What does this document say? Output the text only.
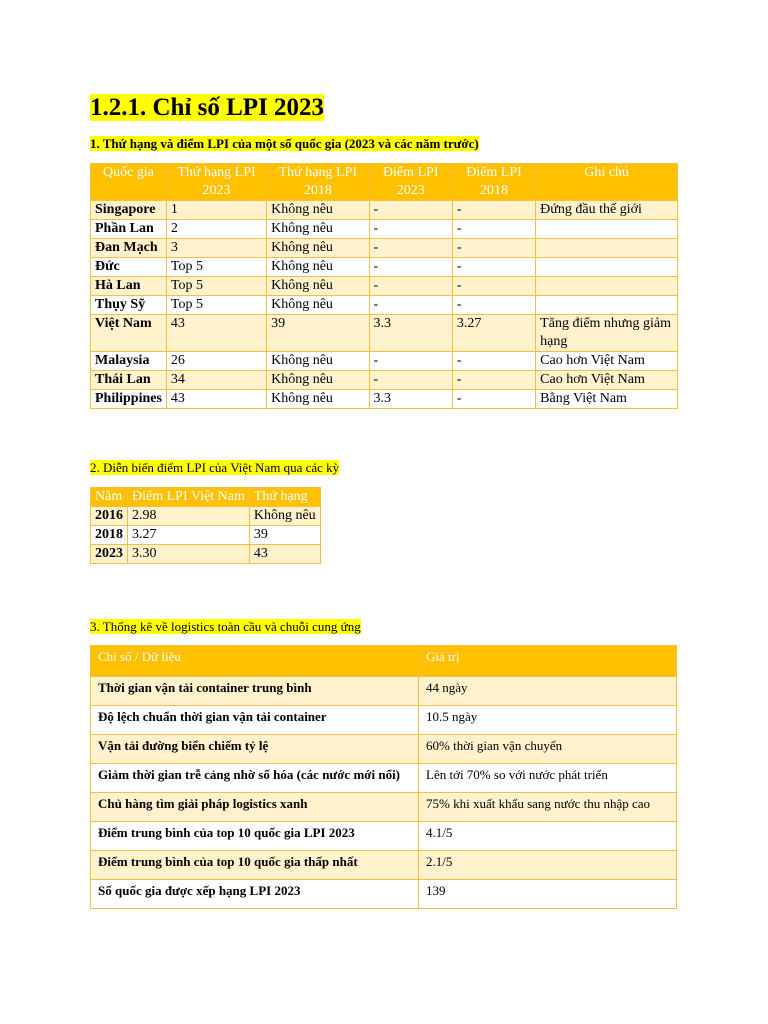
1.2.1. Chỉ số LPI 2023

1. Thứ hạng và điểm LPI của một số quốc gia (2023 và các năm trước)

Quốc gia	Thứ hạng LPI 2023	Thứ hạng LPI 2018	Điểm LPI 2023	Điểm LPI 2018	Ghi chú
Singapore	1	Không nêu	-	-	Đứng đầu thế giới
Phần Lan	2	Không nêu	-	-	
Đan Mạch	3	Không nêu	-	-	
Đức	Top 5	Không nêu	-	-	
Hà Lan	Top 5	Không nêu	-	-	
Thụy Sỹ	Top 5	Không nêu	-	-	
Việt Nam	43	39	3.3	3.27	Tăng điểm nhưng giảm hạng
Malaysia	26	Không nêu	-	-	Cao hơn Việt Nam
Thái Lan	34	Không nêu	-	-	Cao hơn Việt Nam
Philippines	43	Không nêu	3.3	-	Bằng Việt Nam

2. Diễn biến điểm LPI của Việt Nam qua các kỳ

Năm	Điểm LPI Việt Nam	Thứ hạng
2016	2.98	Không nêu
2018	3.27	39
2023	3.30	43

3. Thống kê về logistics toàn cầu và chuỗi cung ứng

Chỉ số / Dữ liệu	Giá trị
Thời gian vận tải container trung bình	44 ngày
Độ lệch chuẩn thời gian vận tải container	10.5 ngày
Vận tải đường biển chiếm tỷ lệ	60% thời gian vận chuyển
Giảm thời gian trễ cảng nhờ số hóa (các nước mới nổi)	Lên tới 70% so với nước phát triển
Chủ hàng tìm giải pháp logistics xanh	75% khi xuất khẩu sang nước thu nhập cao
Điểm trung bình của top 10 quốc gia LPI 2023	4.1/5
Điểm trung bình của top 10 quốc gia thấp nhất	2.1/5
Số quốc gia được xếp hạng LPI 2023	139
